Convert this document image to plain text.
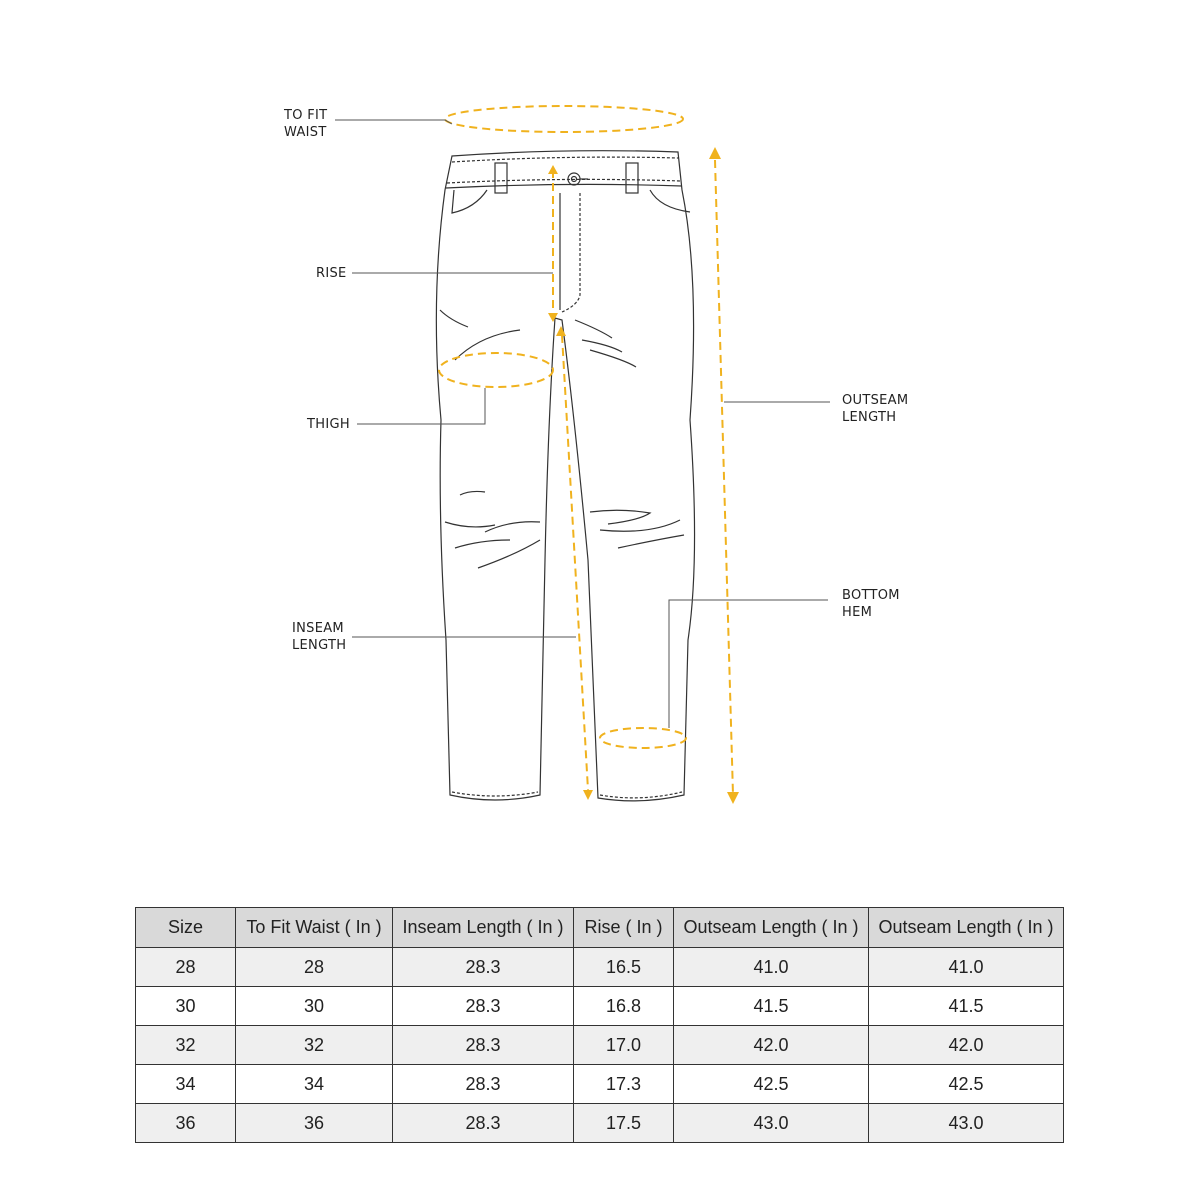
TO FIT
WAIST
RISE
THIGH
INSEAM
LENGTH
OUTSEAM
LENGTH
BOTTOM
HEM
Size	To Fit Waist ( In )	Inseam Length ( In )	Rise ( In )	Outseam Length ( In )	Outseam Length ( In )
28	28	28.3	16.5	41.0	41.0
30	30	28.3	16.8	41.5	41.5
32	32	28.3	17.0	42.0	42.0
34	34	28.3	17.3	42.5	42.5
36	36	28.3	17.5	43.0	43.0
